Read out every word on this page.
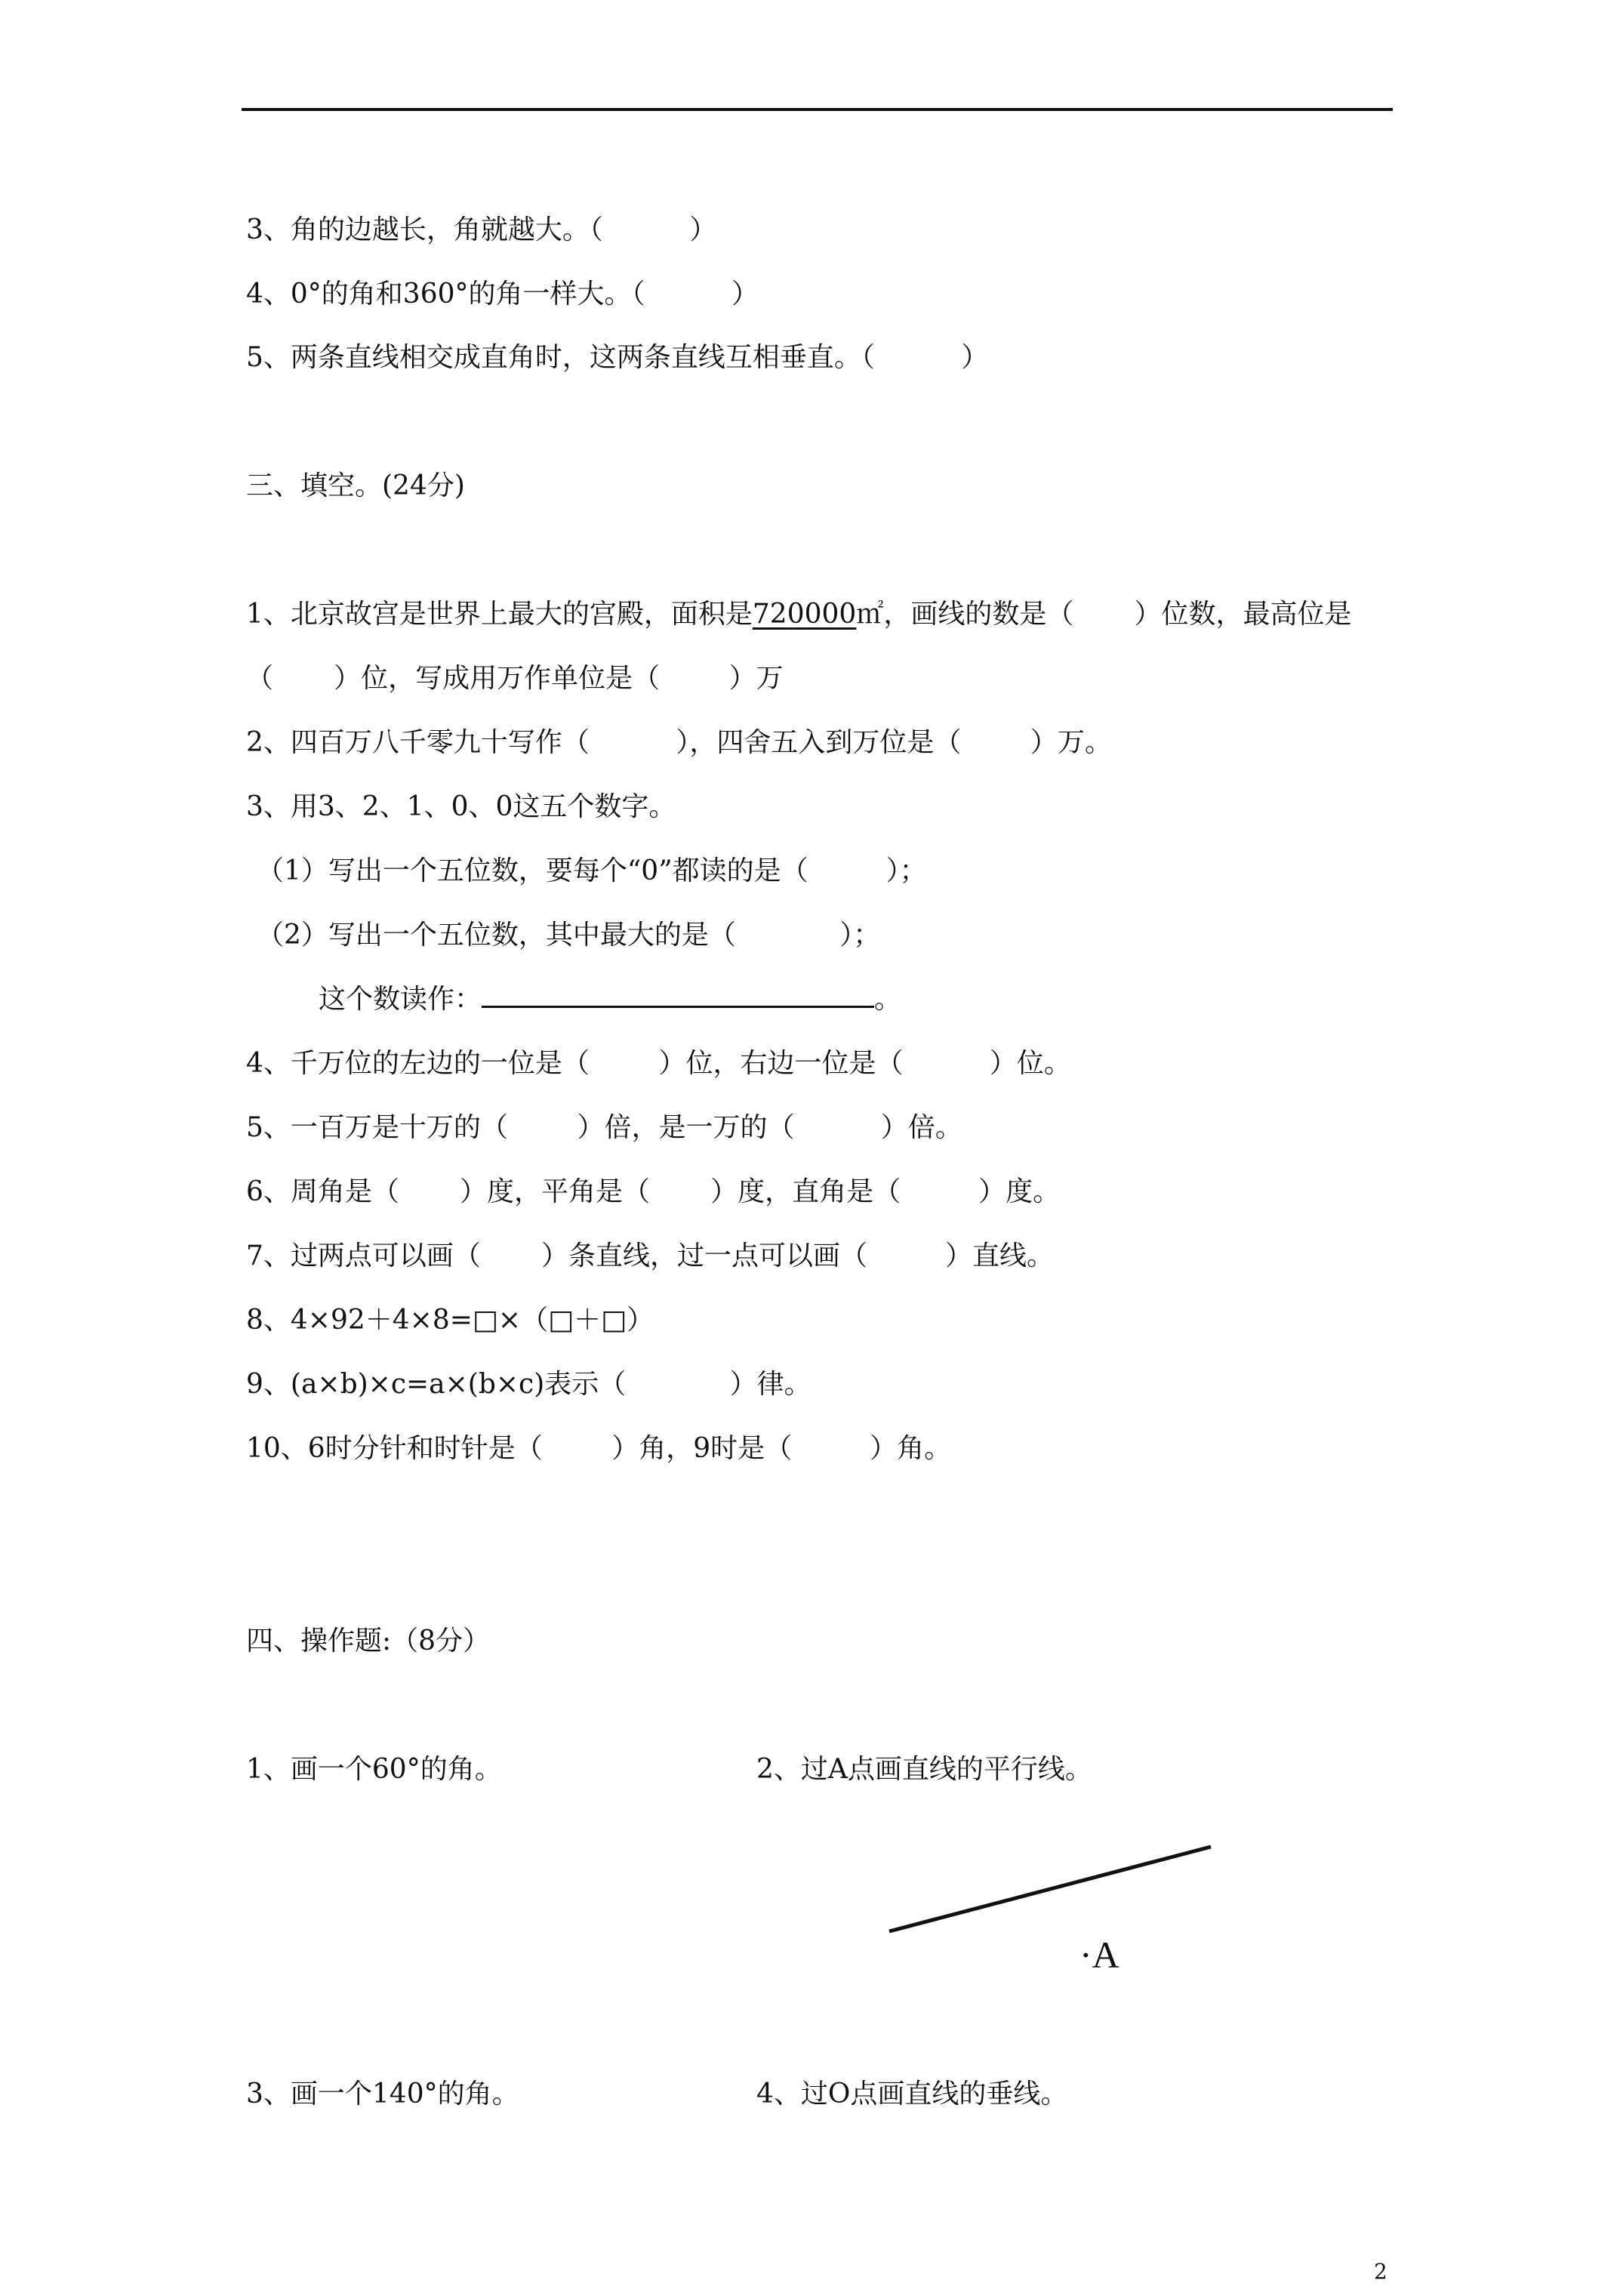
3、角的边越长，角就越大。（          ）
4、0°的角和360°的角一样大。（          ）
5、两条直线相交成直角时，这两条直线互相垂直。（          ）
三、填空。(24分)
1、北京故宫是世界上最大的宫殿，面积是720000㎡，画线的数是（       ）位数，最高位是
（       ）位，写成用万作单位是（        ）万
2、四百万八千零九十写作（          ），四舍五入到万位是（        ）万。
3、用3、2、1、0、0这五个数字。
（1）写出一个五位数，要每个“0”都读的是（         ）；
（2）写出一个五位数，其中最大的是（            ）；
这个数读作：	。
4、千万位的左边的一位是（        ）位，右边一位是（          ）位。
5、一百万是十万的（        ）倍，是一万的（          ）倍。
6、周角是（       ）度，平角是（       ）度，直角是（         ）度。
7、过两点可以画（       ）条直线，过一点可以画（         ）直线。
8、4×92＋4×8=□×（□＋□）
9、(a×b)×c=a×(b×c)表示（            ）律。
10、6时分针和时针是（        ）角，9时是（         ）角。
四、操作题:（8分）
1、画一个60°的角。	2、过A点画直线的平行线。
·A
3、画一个140°的角。	4、过O点画直线的垂线。
2
